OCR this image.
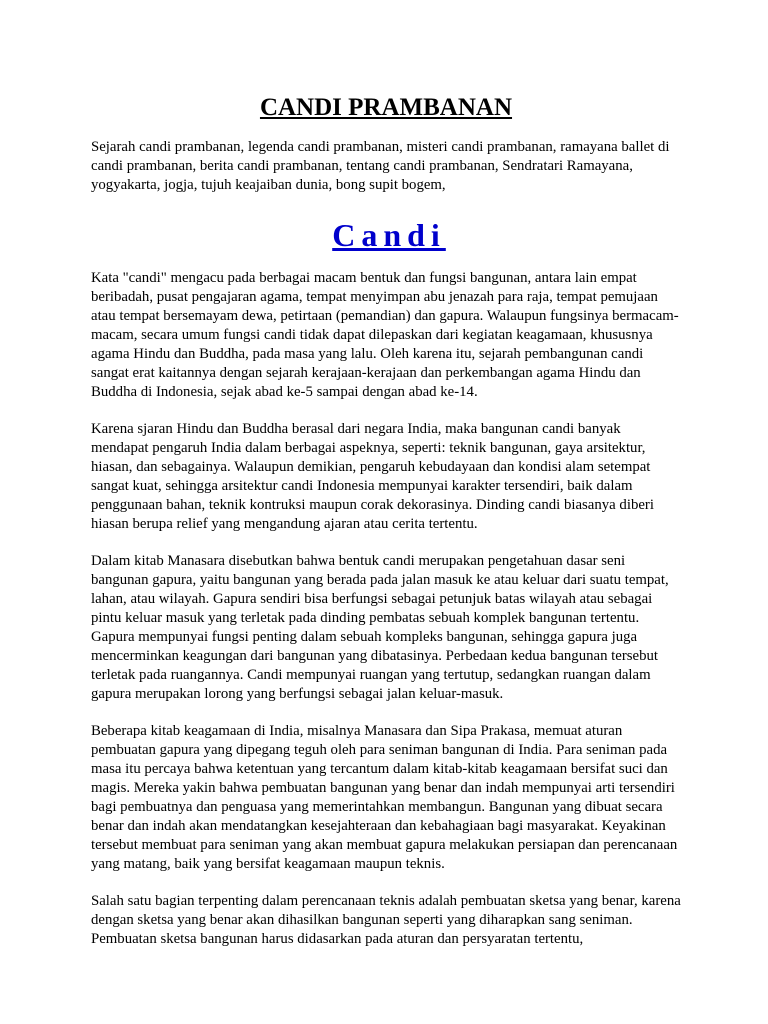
CANDI PRAMBANAN

Sejarah candi prambanan, legenda candi prambanan, misteri candi prambanan, ramayana ballet di candi prambanan, berita candi prambanan, tentang candi prambanan, Sendratari Ramayana, yogyakarta, jogja, tujuh keajaiban dunia, bong supit bogem,

Candi

Kata "candi" mengacu pada berbagai macam bentuk dan fungsi bangunan, antara lain empat beribadah, pusat pengajaran agama, tempat menyimpan abu jenazah para raja, tempat pemujaan atau tempat bersemayam dewa, petirtaan (pemandian) dan gapura. Walaupun fungsinya bermacam-macam, secara umum fungsi candi tidak dapat dilepaskan dari kegiatan keagamaan, khususnya agama Hindu dan Buddha, pada masa yang lalu. Oleh karena itu, sejarah pembangunan candi sangat erat kaitannya dengan sejarah kerajaan-kerajaan dan perkembangan agama Hindu dan Buddha di Indonesia, sejak abad ke-5 sampai dengan abad ke-14.

Karena sjaran Hindu dan Buddha berasal dari negara India, maka bangunan candi banyak mendapat pengaruh India dalam berbagai aspeknya, seperti: teknik bangunan, gaya arsitektur, hiasan, dan sebagainya. Walaupun demikian, pengaruh kebudayaan dan kondisi alam setempat sangat kuat, sehingga arsitektur candi Indonesia mempunyai karakter tersendiri, baik dalam penggunaan bahan, teknik kontruksi maupun corak dekorasinya. Dinding candi biasanya diberi hiasan berupa relief yang mengandung ajaran atau cerita tertentu.

Dalam kitab Manasara disebutkan bahwa bentuk candi merupakan pengetahuan dasar seni bangunan gapura, yaitu bangunan yang berada pada jalan masuk ke atau keluar dari suatu tempat, lahan, atau wilayah. Gapura sendiri bisa berfungsi sebagai petunjuk batas wilayah atau sebagai pintu keluar masuk yang terletak pada dinding pembatas sebuah komplek bangunan tertentu. Gapura mempunyai fungsi penting dalam sebuah kompleks bangunan, sehingga gapura juga mencerminkan keagungan dari bangunan yang dibatasinya. Perbedaan kedua bangunan tersebut terletak pada ruangannya. Candi mempunyai ruangan yang tertutup, sedangkan ruangan dalam gapura merupakan lorong yang berfungsi sebagai jalan keluar-masuk.

Beberapa kitab keagamaan di India, misalnya Manasara dan Sipa Prakasa, memuat aturan pembuatan gapura yang dipegang teguh oleh para seniman bangunan di India. Para seniman pada masa itu percaya bahwa ketentuan yang tercantum dalam kitab-kitab keagamaan bersifat suci dan magis. Mereka yakin bahwa pembuatan bangunan yang benar dan indah mempunyai arti tersendiri bagi pembuatnya dan penguasa yang memerintahkan membangun. Bangunan yang dibuat secara benar dan indah akan mendatangkan kesejahteraan dan kebahagiaan bagi masyarakat. Keyakinan tersebut membuat para seniman yang akan membuat gapura melakukan persiapan dan perencanaan yang matang, baik yang bersifat keagamaan maupun teknis.

Salah satu bagian terpenting dalam perencanaan teknis adalah pembuatan sketsa yang benar, karena dengan sketsa yang benar akan dihasilkan bangunan seperti yang diharapkan sang seniman. Pembuatan sketsa bangunan harus didasarkan pada aturan dan persyaratan tertentu,
